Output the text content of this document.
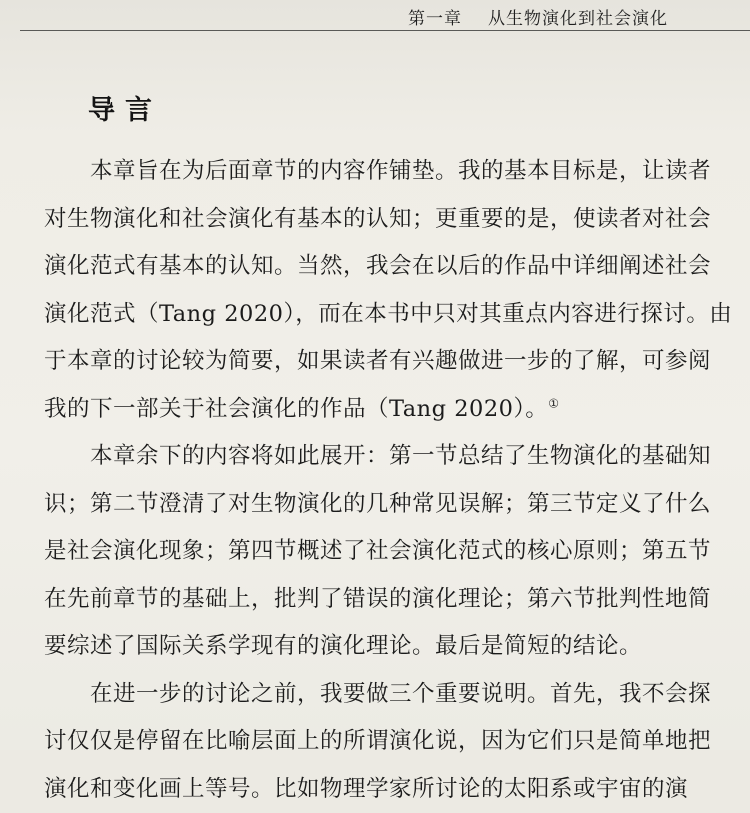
第一章 从生物演化到社会演化
导言
本章旨在为后面章节的内容作铺垫。我的基本目标是，让读者
对生物演化和社会演化有基本的认知；更重要的是，使读者对社会
演化范式有基本的认知。当然，我会在以后的作品中详细阐述社会
演化范式（Tang 2020），而在本书中只对其重点内容进行探讨。由
于本章的讨论较为简要，如果读者有兴趣做进一步的了解，可参阅
我的下一部关于社会演化的作品（Tang 2020）。①
本章余下的内容将如此展开：第一节总结了生物演化的基础知
识；第二节澄清了对生物演化的几种常见误解；第三节定义了什么
是社会演化现象；第四节概述了社会演化范式的核心原则；第五节
在先前章节的基础上，批判了错误的演化理论；第六节批判性地简
要综述了国际关系学现有的演化理论。最后是简短的结论。
在进一步的讨论之前，我要做三个重要说明。首先，我不会探
讨仅仅是停留在比喻层面上的所谓演化说，因为它们只是简单地把
演化和变化画上等号。比如物理学家所讨论的太阳系或宇宙的演
